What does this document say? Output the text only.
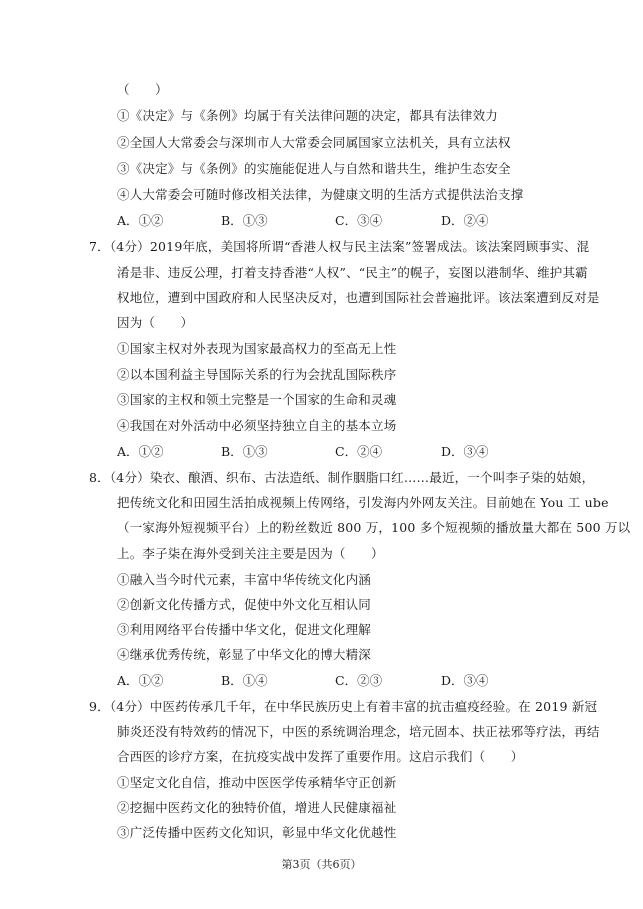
（　　）
①《决定》与《条例》均属于有关法律问题的决定，都具有法律效力
②全国人大常委会与深圳市人大常委会同属国家立法机关，具有立法权
③《决定》与《条例》的实施能促进人与自然和谐共生，维护生态安全
④人大常委会可随时修改相关法律，为健康文明的生活方式提供法治支撑
A．①②	B．①③	C．③④	D．②④
7．（4分）2019年底，美国将所谓“香港人权与民主法案”签署成法。该法案罔顾事实、混
淆是非、违反公理，打着支持香港“人权”、“民主”的幌子，妄图以港制华、维护其霸
权地位，遭到中国政府和人民坚决反对，也遭到国际社会普遍批评。该法案遭到反对是
因为（　　）
①国家主权对外表现为国家最高权力的至高无上性
②以本国利益主导国际关系的行为会扰乱国际秩序
③国家的主权和领土完整是一个国家的生命和灵魂
④我国在对外活动中必须坚持独立自主的基本立场
A．①②	B．①③	C．②④	D．③④
8．（4分）染衣、酿酒、织布、古法造纸、制作胭脂口红……最近，一个叫李子柒的姑娘，
把传统文化和田园生活拍成视频上传网络，引发海内外网友关注。目前她在 You 工 ube
（一家海外短视频平台）上的粉丝数近 800 万，100 多个短视频的播放量大都在 500 万以
上。李子柒在海外受到关注主要是因为（　　）
①融入当今时代元素，丰富中华传统文化内涵
②创新文化传播方式，促使中外文化互相认同
③利用网络平台传播中华文化，促进文化理解
④继承优秀传统，彰显了中华文化的博大精深
A．①②	B．①④	C．②③	D．③④
9．（4分）中医药传承几千年，在中华民族历史上有着丰富的抗击瘟疫经验。在 2019 新冠
肺炎还没有特效药的情况下，中医的系统调治理念，培元固本、扶正祛邪等疗法，再结
合西医的诊疗方案，在抗疫实战中发挥了重要作用。这启示我们（　　）
①坚定文化自信，推动中医医学传承精华守正创新
②挖掘中医药文化的独特价值，增进人民健康福祉
③广泛传播中医药文化知识，彰显中华文化优越性
第3页（共6页）
